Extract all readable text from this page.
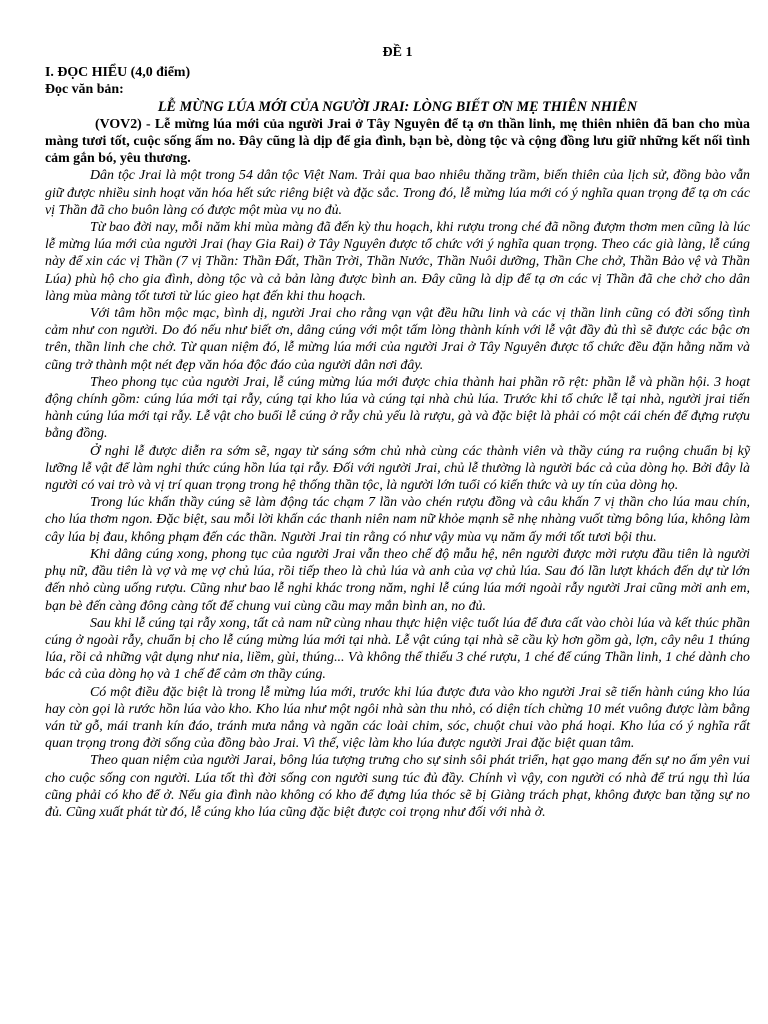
ĐỀ 1

I. ĐỌC HIỂU (4,0 điểm)

Đọc văn bản:

LỄ MỪNG LÚA MỚI CỦA NGƯỜI JRAI: LÒNG BIẾT ƠN MẸ THIÊN NHIÊN

(VOV2) - Lễ mừng lúa mới của người Jrai ở Tây Nguyên để tạ ơn thần linh, mẹ thiên nhiên đã ban cho mùa màng tươi tốt, cuộc sống ấm no. Đây cũng là dịp để gia đình, bạn bè, dòng tộc và cộng đồng lưu giữ những kết nối tình cảm gắn bó, yêu thương.

Dân tộc Jrai là một trong 54 dân tộc Việt Nam. Trải qua bao nhiêu thăng trầm, biến thiên của lịch sử, đồng bào vẫn giữ được nhiều sinh hoạt văn hóa hết sức riêng biệt và đặc sắc. Trong đó, lễ mừng lúa mới có ý nghĩa quan trọng để tạ ơn các vị Thần đã cho buôn làng có được một mùa vụ no đủ.

Từ bao đời nay, mỗi năm khi mùa màng đã đến kỳ thu hoạch, khi rượu trong ché đã nồng đượm thơm men cũng là lúc lễ mừng lúa mới của người Jrai (hay Gia Rai) ở Tây Nguyên được tổ chức với ý nghĩa quan trọng. Theo các già làng, lễ cúng này để xin các vị Thần (7 vị Thần: Thần Đất, Thần Trời, Thần Nước, Thần Nuôi dưỡng, Thần Che chở, Thần Bảo vệ và Thần Lúa) phù hộ cho gia đình, dòng tộc và cả bản làng được bình an. Đây cũng là dịp để tạ ơn các vị Thần đã che chở cho dân làng mùa màng tốt tươi từ lúc gieo hạt đến khi thu hoạch.

Với tâm hồn mộc mạc, bình dị, người Jrai cho rằng vạn vật đều hữu linh và các vị thần linh cũng có đời sống tình cảm như con người. Do đó nếu như biết ơn, dâng cúng với một tấm lòng thành kính với lễ vật đầy đủ thì sẽ được các bậc ơn trên, thần linh che chở. Từ quan niệm đó, lễ mừng lúa mới của người Jrai ở Tây Nguyên được tổ chức đều đặn hằng năm và cũng trở thành một nét đẹp văn hóa độc đáo của người dân nơi đây.

Theo phong tục của người Jrai, lễ cúng mừng lúa mới được chia thành hai phần rõ rệt: phần lễ và phần hội. 3 hoạt động chính gồm: cúng lúa mới tại rẫy, cúng tại kho lúa và cúng tại nhà chủ lúa. Trước khi tổ chức lễ tại nhà, người jrai tiến hành cúng lúa mới tại rẫy. Lễ vật cho buổi lễ cúng ở rẫy chủ yếu là rượu, gà và đặc biệt là phải có một cái chén để đựng rượu bằng đồng.

Ở nghi lễ được diễn ra sớm sẽ, ngay từ sáng sớm chủ nhà cùng các thành viên và thầy cúng ra ruộng chuẩn bị kỹ lưỡng lễ vật để làm nghi thức cúng hồn lúa tại rẫy. Đối với người Jrai, chủ lễ thường là người bác cả của dòng họ. Bởi đây là người có vai trò và vị trí quan trọng trong hệ thống thần tộc, là người lớn tuổi có kiến thức và uy tín của dòng họ.

Trong lúc khấn thầy cúng sẽ làm động tác chạm 7 lần vào chén rượu đồng và câu khấn 7 vị thần cho lúa mau chín, cho lúa thơm ngon. Đặc biệt, sau mỗi lời khấn các thanh niên nam nữ khỏe mạnh sẽ nhẹ nhàng vuốt từng bông lúa, không làm cây lúa bị đau, không phạm đến các thần. Người Jrai tin rằng có như vậy mùa vụ năm ấy mới tốt tươi bội thu.

Khi dâng cúng xong, phong tục của người Jrai vẫn theo chế độ mẫu hệ, nên người được mời rượu đầu tiên là người phụ nữ, đầu tiên là vợ và mẹ vợ chủ lúa, rồi tiếp theo là chủ lúa và anh của vợ chủ lúa. Sau đó lần lượt khách đến dự từ lớn đến nhỏ cùng uống rượu. Cũng như bao lễ nghi khác trong năm, nghi lễ cúng lúa mới ngoài rẫy người Jrai cũng mời anh em, bạn bè đến càng đông càng tốt để chung vui cùng cầu may mắn bình an, no đủ.

Sau khi lễ cúng tại rẫy xong, tất cả nam nữ cùng nhau thực hiện việc tuốt lúa để đưa cất vào chòi lúa và kết thúc phần cúng ở ngoài rẫy, chuẩn bị cho lễ cúng mừng lúa mới tại nhà. Lễ vật cúng tại nhà sẽ cầu kỳ hơn gồm gà, lợn, cây nêu 1 thúng lúa, rồi cả những vật dụng như nia, liềm, gùi, thúng... Và không thể thiếu 3 ché rượu, 1 ché để cúng Thần linh, 1 ché dành cho bác cả của dòng họ và 1 chế để cảm ơn thầy cúng.

Có một điều đặc biệt là trong lễ mừng lúa mới, trước khi lúa được đưa vào kho người Jrai sẽ tiến hành cúng kho lúa hay còn gọi là rước hồn lúa vào kho. Kho lúa như một ngôi nhà sàn thu nhỏ, có diện tích chừng 10 mét vuông được làm bằng ván từ gỗ, mái tranh kín đáo, tránh mưa nắng và ngăn các loài chim, sóc, chuột chui vào phá hoại. Kho lúa có ý nghĩa rất quan trọng trong đời sống của đồng bào Jrai. Vì thế, việc làm kho lúa được người Jrai đặc biệt quan tâm.

Theo quan niệm của người Jarai, bông lúa tượng trưng cho sự sinh sôi phát triển, hạt gạo mang đến sự no ấm yên vui cho cuộc sống con người. Lúa tốt thì đời sống con người sung túc đủ đầy. Chính vì vậy, con người có nhà để trú ngụ thì lúa cũng phải có kho để ở. Nếu gia đình nào không có kho để đựng lúa thóc sẽ bị Giàng trách phạt, không được ban tặng sự no đủ. Cũng xuất phát từ đó, lễ cúng kho lúa cũng đặc biệt được coi trọng như đối với nhà ở.
